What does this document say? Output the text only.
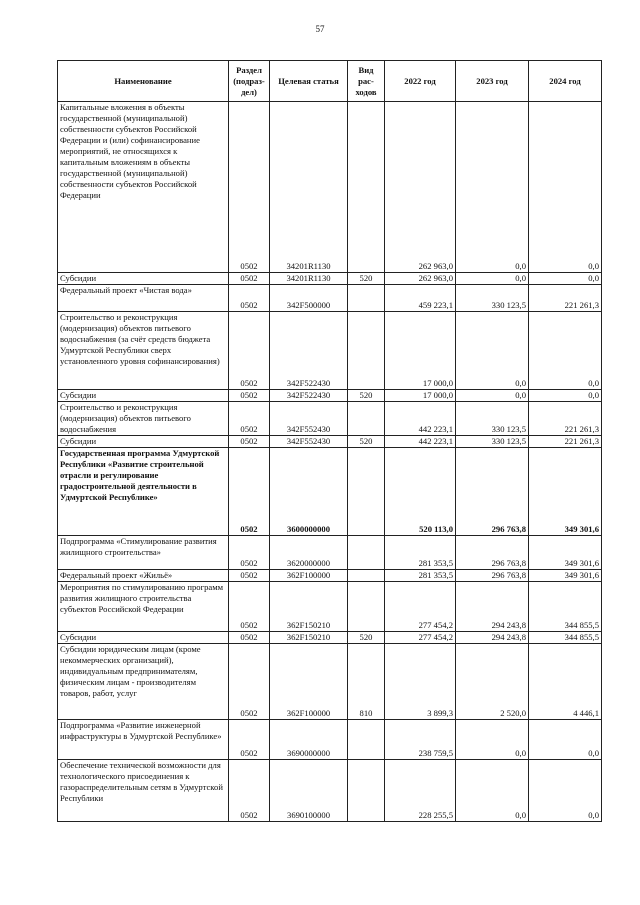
57
Наименование	Раздел (подраз- дел)	Целевая статья	Вид рас- ходов	2022 год	2023 год	2024 год
Капитальные вложения в объекты государственной (муниципальной) собственности субъектов Российской Федерации и (или) софинансирование мероприятий, не относящихся к капитальным вложениям в объекты государственной (муниципальной) собственности субъектов Российской Федерации	0502	34201R1130		262 963,0	0,0	0,0
Субсидии	0502	34201R1130	520	262 963,0	0,0	0,0
Федеральный проект «Чистая вода»	0502	342F500000		459 223,1	330 123,5	221 261,3
Строительство и реконструкция (модернизация) объектов питьевого водоснабжения (за счёт средств бюджета Удмуртской Республики сверх установленного уровня софинансирования)	0502	342F522430		17 000,0	0,0	0,0
Субсидии	0502	342F522430	520	17 000,0	0,0	0,0
Строительство и реконструкция (модернизация) объектов питьевого водоснабжения	0502	342F552430		442 223,1	330 123,5	221 261,3
Субсидии	0502	342F552430	520	442 223,1	330 123,5	221 261,3
Государственная программа Удмуртской Республики «Развитие строительной отрасли и регулирование градостроительной деятельности в Удмуртской Республике»	0502	3600000000		520 113,0	296 763,8	349 301,6
Подпрограмма «Стимулирование развития жилищного строительства»	0502	3620000000		281 353,5	296 763,8	349 301,6
Федеральный проект «Жильё»	0502	362F100000		281 353,5	296 763,8	349 301,6
Мероприятия по стимулированию программ развития жилищного строительства субъектов Российской Федерации	0502	362F150210		277 454,2	294 243,8	344 855,5
Субсидии	0502	362F150210	520	277 454,2	294 243,8	344 855,5
Субсидии юридическим лицам (кроме некоммерческих организаций), индивидуальным предпринимателям, физическим лицам - производителям товаров, работ, услуг	0502	362F100000	810	3 899,3	2 520,0	4 446,1
Подпрограмма «Развитие инженерной инфраструктуры в Удмуртской Республике»	0502	3690000000		238 759,5	0,0	0,0
Обеспечение технической возможности для технологического присоединения к газораспределительным сетям в Удмуртской Республики	0502	3690100000		228 255,5	0,0	0,0
